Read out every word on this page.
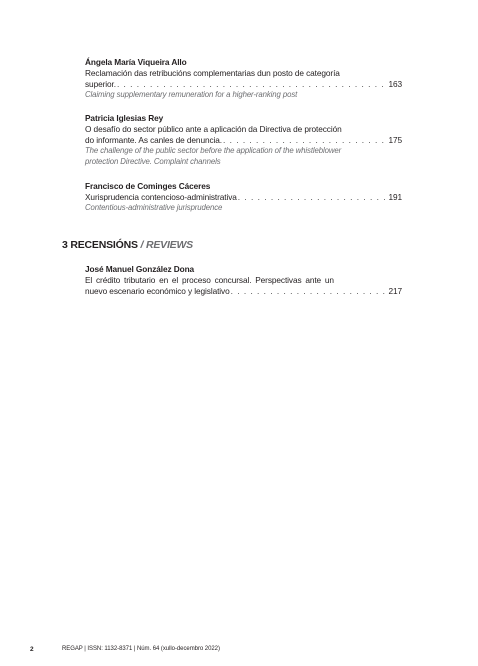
Ángela María Viqueira Allo
Reclamación das retribucións complementarias dun posto de categoría
superior. . . .	163
Claiming supplementary remuneration for a higher-ranking post
Patricia Iglesias Rey
O desafío do sector público ante a aplicación da Directiva de protección
do informante. As canles de denuncia. . . .	175
The challenge of the public sector before the application of the whistleblower
protection Directive. Complaint channels
Francisco de Cominges Cáceres
Xurisprudencia contencioso-administrativa . . .	191
Contentious-administrative jurisprudence
3 RECENSIÓNS / REVIEWS
José Manuel González Dona
El crédito tributario en el proceso concursal. Perspectivas ante un
nuevo escenario económico y legislativo . . .	217
2	REGAP | ISSN: 1132-8371 | Núm. 64 (xullo-decembro 2022)
